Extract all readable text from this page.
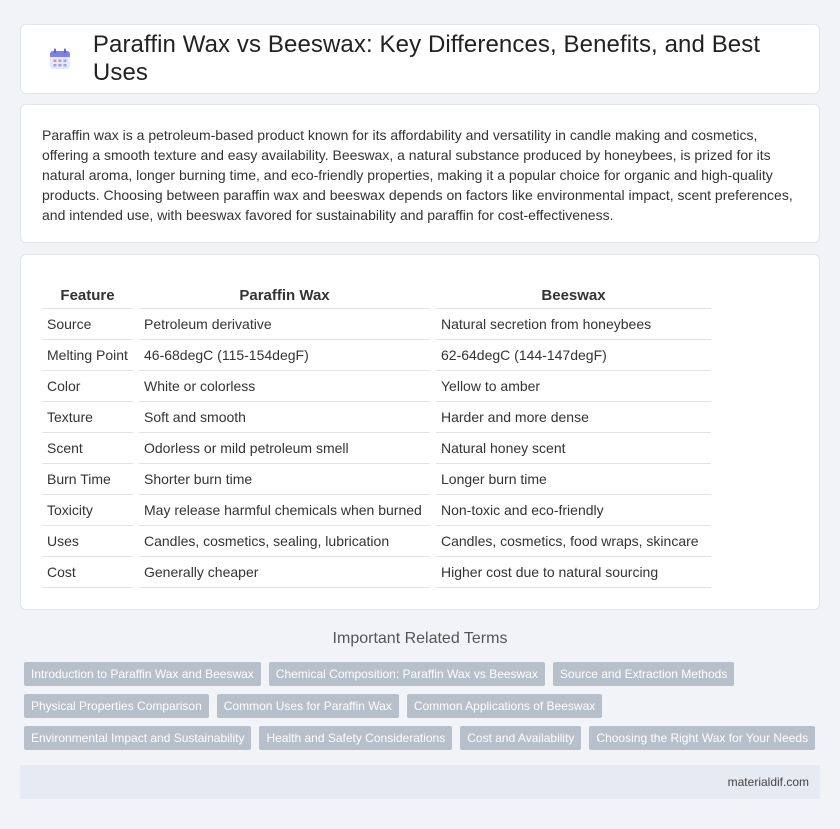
Paraffin Wax vs Beeswax: Key Differences, Benefits, and Best Uses

Paraffin wax is a petroleum-based product known for its affordability and versatility in candle making and cosmetics, offering a smooth texture and easy availability. Beeswax, a natural substance produced by honeybees, is prized for its natural aroma, longer burning time, and eco-friendly properties, making it a popular choice for organic and high-quality products. Choosing between paraffin wax and beeswax depends on factors like environmental impact, scent preferences, and intended use, with beeswax favored for sustainability and paraffin for cost-effectiveness.

Feature	Paraffin Wax	Beeswax
Source	Petroleum derivative	Natural secretion from honeybees
Melting Point	46-68degC (115-154degF)	62-64degC (144-147degF)
Color	White or colorless	Yellow to amber
Texture	Soft and smooth	Harder and more dense
Scent	Odorless or mild petroleum smell	Natural honey scent
Burn Time	Shorter burn time	Longer burn time
Toxicity	May release harmful chemicals when burned	Non-toxic and eco-friendly
Uses	Candles, cosmetics, sealing, lubrication	Candles, cosmetics, food wraps, skincare
Cost	Generally cheaper	Higher cost due to natural sourcing
Important Related Terms
Introduction to Paraffin Wax and Beeswax	Chemical Composition: Paraffin Wax vs Beeswax	Source and Extraction Methods
Physical Properties Comparison	Common Uses for Paraffin Wax	Common Applications of Beeswax
Environmental Impact and Sustainability	Health and Safety Considerations	Cost and Availability	Choosing the Right Wax for Your Needs
materialdif.com
